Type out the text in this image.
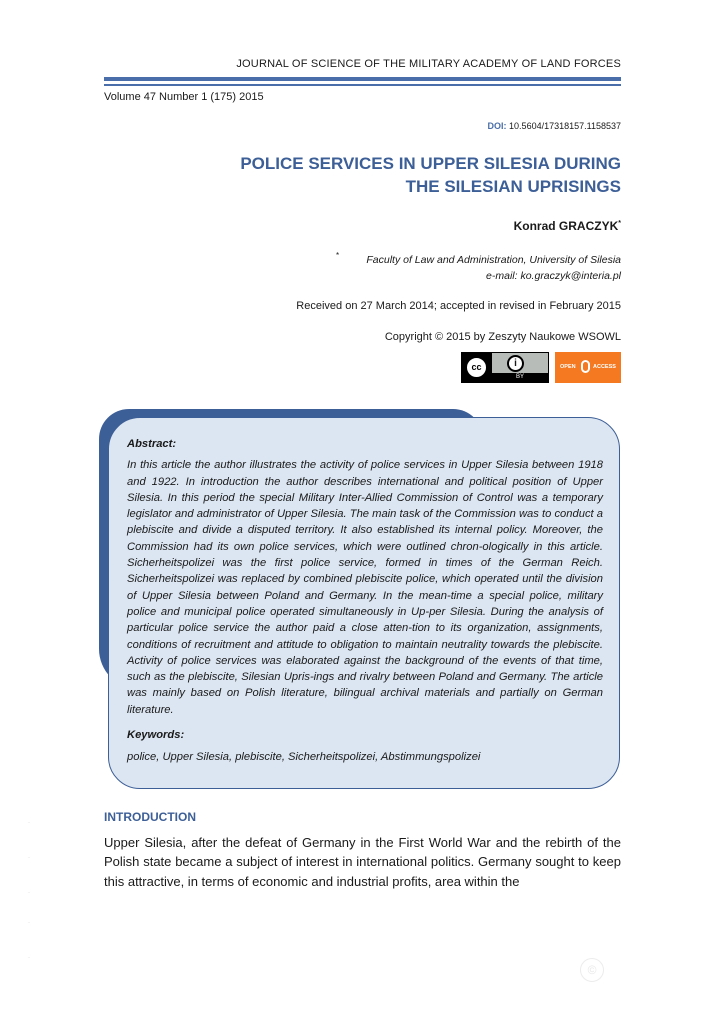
JOURNAL OF SCIENCE OF THE MILITARY ACADEMY OF LAND FORCES
Volume 47 Number 1 (175) 2015
DOI: 10.5604/17318157.1158537
POLICE SERVICES IN UPPER SILESIA DURING
THE SILESIAN UPRISINGS
Konrad GRACZYK*
*	Faculty of Law and Administration, University of Silesia
e-mail: ko.graczyk@interia.pl
Received on 27 March 2014; accepted in revised in February 2015
Copyright © 2015 by Zeszyty Naukowe WSOWL
cc	i
BY
OPEN	ACCESS

Abstract:

In this article the author illustrates the activity of police services in Upper Silesia between 1918 and 1922. In introduction the author describes international and political position of Upper Silesia. In this period the special Military Inter-Allied Commission of Control was a temporary legislator and administrator of Upper Silesia. The main task of the Commission was to conduct a plebiscite and divide a disputed territory. It also established its internal policy. Moreover, the Commission had its own police services, which were outlined chron-ologically in this article. Sicherheitspolizei was the first police service, formed in times of the German Reich. Sicherheitspolizei was replaced by combined plebiscite police, which operated until the division of Upper Silesia between Poland and Germany. In the mean-time a special police, military police and municipal police operated simultaneously in Up-per Silesia. During the analysis of particular police service the author paid a close atten-tion to its organization, assignments, conditions of recruitment and attitude to obligation to maintain neutrality towards the plebiscite. Activity of police services was elaborated against the background of the events of that time, such as the plebiscite, Silesian Upris-ings and rivalry between Poland and Germany. The article was mainly based on Polish literature, bilingual archival materials and partially on German literature.

Keywords:

police, Upper Silesia, plebiscite, Sicherheitspolizei, Abstimmungspolizei

INTRODUCTION
Upper Silesia, after the defeat of Germany in the First World War and the rebirth of the Polish state became a subject of interest in international politics. Germany sought to keep this attractive, in terms of economic and industrial profits, area within the
©
·
·
·
·
·
